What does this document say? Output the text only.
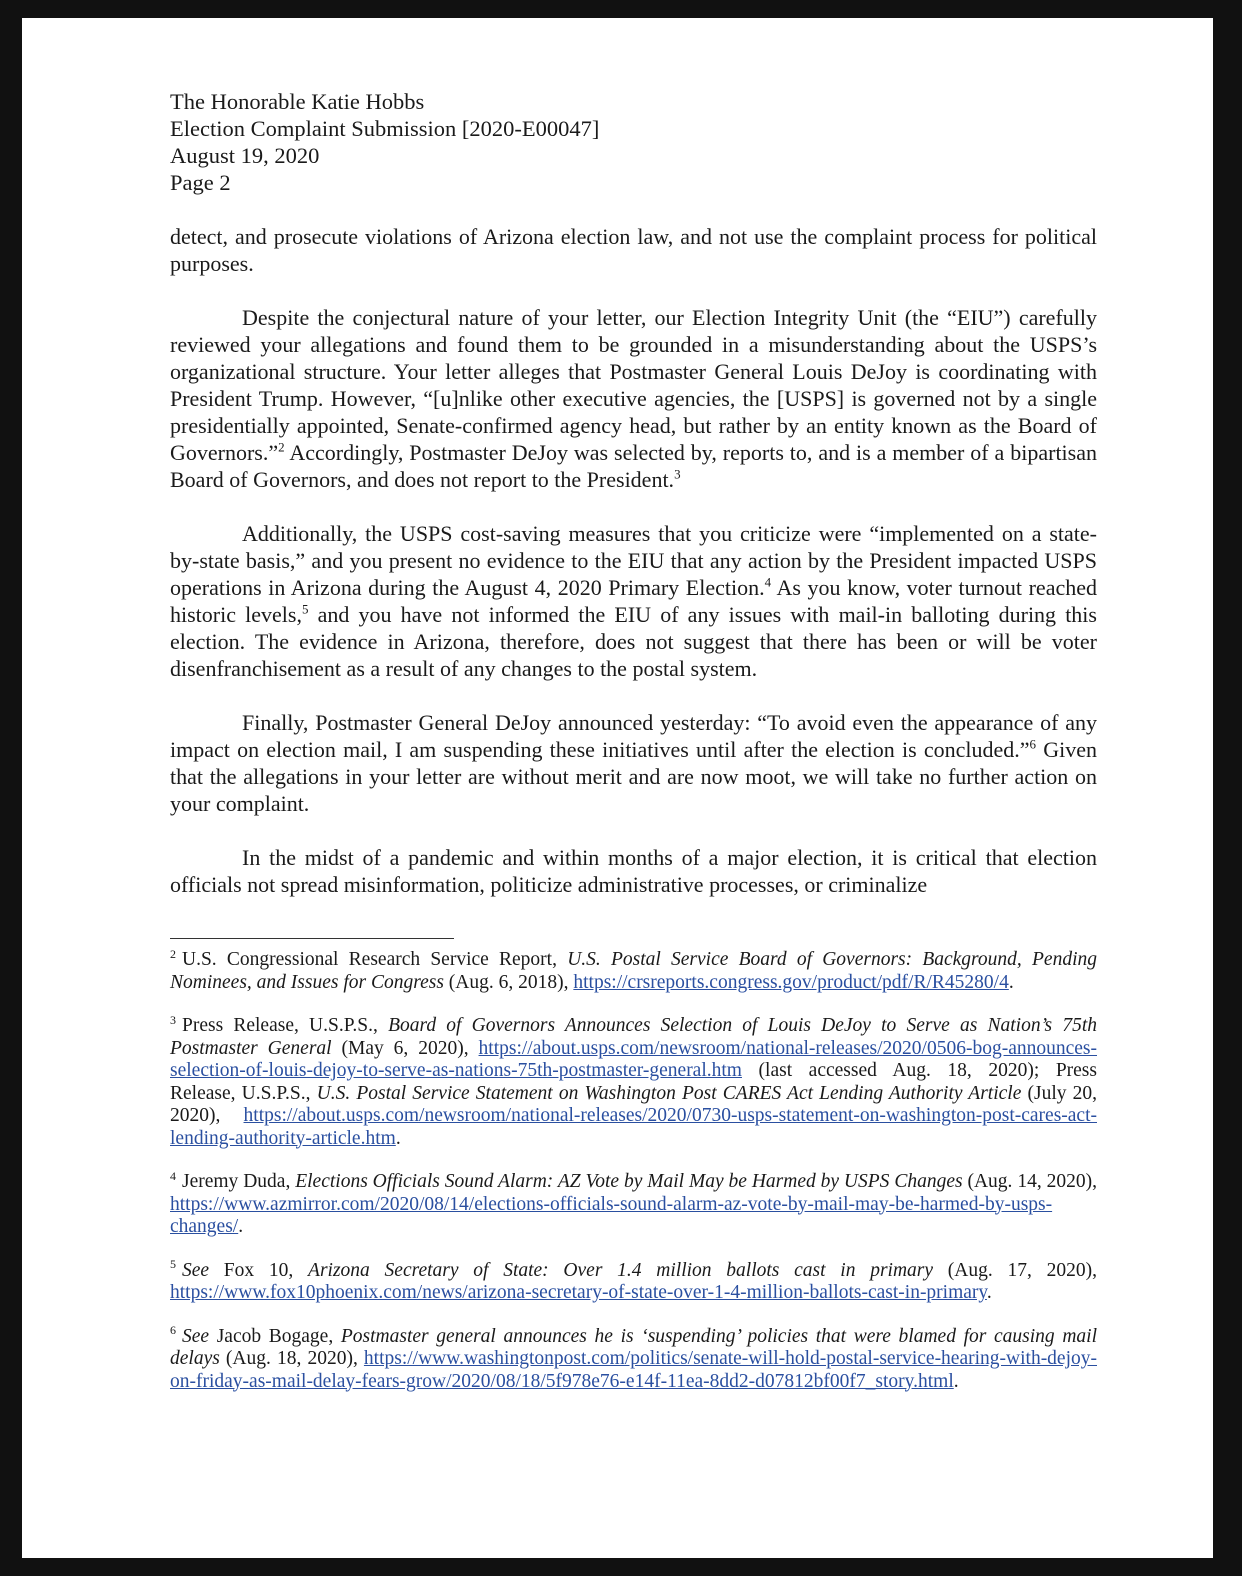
The Honorable Katie Hobbs

Election Complaint Submission [2020-E00047]

August 19, 2020

Page 2

detect, and prosecute violations of Arizona election law, and not use the complaint process for political purposes.

Despite the conjectural nature of your letter, our Election Integrity Unit (the “EIU”) carefully reviewed your allegations and found them to be grounded in a misunderstanding about the USPS’s organizational structure. Your letter alleges that Postmaster General Louis DeJoy is coordinating with President Trump. However, “[u]nlike other executive agencies, the [USPS] is governed not by a single presidentially appointed, Senate-confirmed agency head, but rather by an entity known as the Board of Governors.”$^2$ Accordingly, Postmaster DeJoy was selected by, reports to, and is a member of a bipartisan Board of Governors, and does not report to the President.$^3$

Additionally, the USPS cost-saving measures that you criticize were “implemented on a state-by-state basis,” and you present no evidence to the EIU that any action by the President impacted USPS operations in Arizona during the August 4, 2020 Primary Election.$^4$ As you know, voter turnout reached historic levels,$^5$ and you have not informed the EIU of any issues with mail-in balloting during this election. The evidence in Arizona, therefore, does not suggest that there has been or will be voter disenfranchisement as a result of any changes to the postal system.

Finally, Postmaster General DeJoy announced yesterday: “To avoid even the appearance of any impact on election mail, I am suspending these initiatives until after the election is concluded.”$^6$ Given that the allegations in your letter are without merit and are now moot, we will take no further action on your complaint.

In the midst of a pandemic and within months of a major election, it is critical that election officials not spread misinformation, politicize administrative processes, or criminalize

$^2$ U.S. Congressional Research Service Report, U.S. Postal Service Board of Governors: Background, Pending Nominees, and Issues for Congress (Aug. 6, 2018), https://crsreports.congress.gov/product/pdf/R/R45280/4.

$^3$ Press Release, U.S.P.S., Board of Governors Announces Selection of Louis DeJoy to Serve as Nation’s 75th Postmaster General (May 6, 2020), https://about.usps.com/newsroom/national-releases/2020/0506-bog-announces-selection-of-louis-dejoy-to-serve-as-nations-75th-postmaster-general.htm (last accessed Aug. 18, 2020); Press Release, U.S.P.S., U.S. Postal Service Statement on Washington Post CARES Act Lending Authority Article (July 20, 2020), https://about.usps.com/newsroom/national-releases/2020/0730-usps-statement-on-washington-post-cares-act-lending-authority-article.htm.

$^4$ Jeremy Duda, Elections Officials Sound Alarm: AZ Vote by Mail May be Harmed by USPS Changes (Aug. 14, 2020), https://www.azmirror.com/2020/08/14/elections-officials-sound-alarm-az-vote-by-mail-may-be-harmed-by-usps-changes/.

$^5$ See Fox 10, Arizona Secretary of State: Over 1.4 million ballots cast in primary (Aug. 17, 2020), https://www.fox10phoenix.com/news/arizona-secretary-of-state-over-1-4-million-ballots-cast-in-primary.

$^6$ See Jacob Bogage, Postmaster general announces he is ‘suspending’ policies that were blamed for causing mail delays (Aug. 18, 2020), https://www.washingtonpost.com/politics/senate-will-hold-postal-service-hearing-with-dejoy-on-friday-as-mail-delay-fears-grow/2020/08/18/5f978e76-e14f-11ea-8dd2-d07812bf00f7_story.html.
